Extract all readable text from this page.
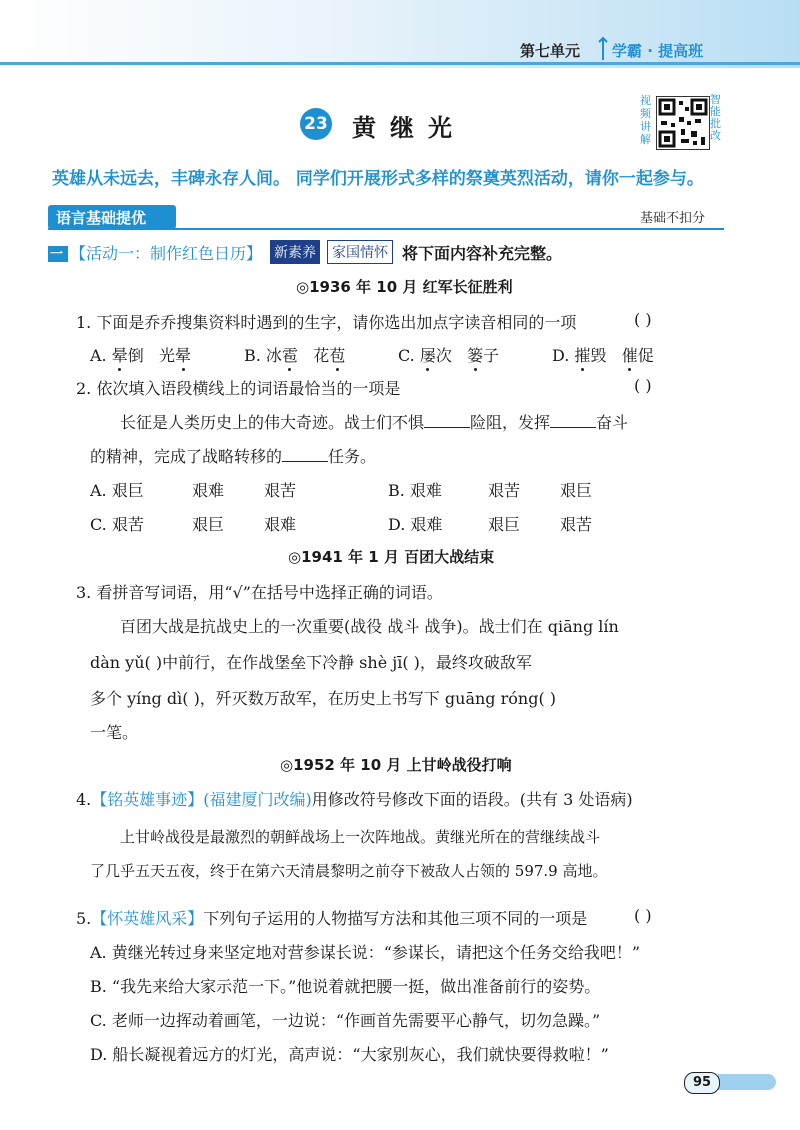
第七单元 学霸 · 提高班
23 黄继光
视频讲解
智能批改
英雄从未远去，丰碑永存人间。 同学们开展形式多样的祭奠英烈活动，请你一起参与。
语言基础提优	基础不扣分
一 【活动一：制作红色日历】 新素养	家国情怀 将下面内容补充完整。
◎1936 年 10 月 红军长征胜利
1. 下面是乔乔搜集资料时遇到的生字，请你选出加点字读音相同的一项	( )
A. 晕倒   光晕	B. 冰雹   花苞	C. 屡次   篓子	D. 摧毁   催促
2. 依次填入语段横线上的词语最恰当的一项是	( )
长征是人类历史上的伟大奇迹。战士们不惧	险阻，发挥	奋斗
的精神，完成了战略转移的	任务。
A. 艰巨	艰难 艰苦	B. 艰难	艰苦 艰巨
C. 艰苦	艰巨 艰难	D. 艰难	艰巨 艰苦
◎1941 年 1 月 百团大战结束
3. 看拼音写词语，用“√”在括号中选择正确的词语。
百团大战是抗战史上的一次重要(战役 战斗 战争)。战士们在 qiāng lín
dàn yǔ( )中前行，在作战堡垒下冷静 shè jī( )，最终攻破敌军
多个 yíng dì( )，歼灭数万敌军，在历史上书写下 guāng róng( )
一笔。
◎1952 年 10 月 上甘岭战役打响
4.【铭英雄事迹】(福建厦门改编)用修改符号修改下面的语段。(共有 3 处语病)
上甘岭战役是最激烈的朝鲜战场上一次阵地战。黄继光所在的营继续战斗
了几乎五天五夜，终于在第六天清晨黎明之前夺下被敌人占领的 597.9 高地。
5.【怀英雄风采】下列句子运用的人物描写方法和其他三项不同的一项是	( )
A. 黄继光转过身来坚定地对营参谋长说：“参谋长，请把这个任务交给我吧！”
B. “我先来给大家示范一下。”他说着就把腰一挺，做出准备前行的姿势。
C. 老师一边挥动着画笔，一边说：“作画首先需要平心静气，切勿急躁。”
D. 船长凝视着远方的灯光，高声说：“大家别灰心，我们就快要得救啦！”
95
